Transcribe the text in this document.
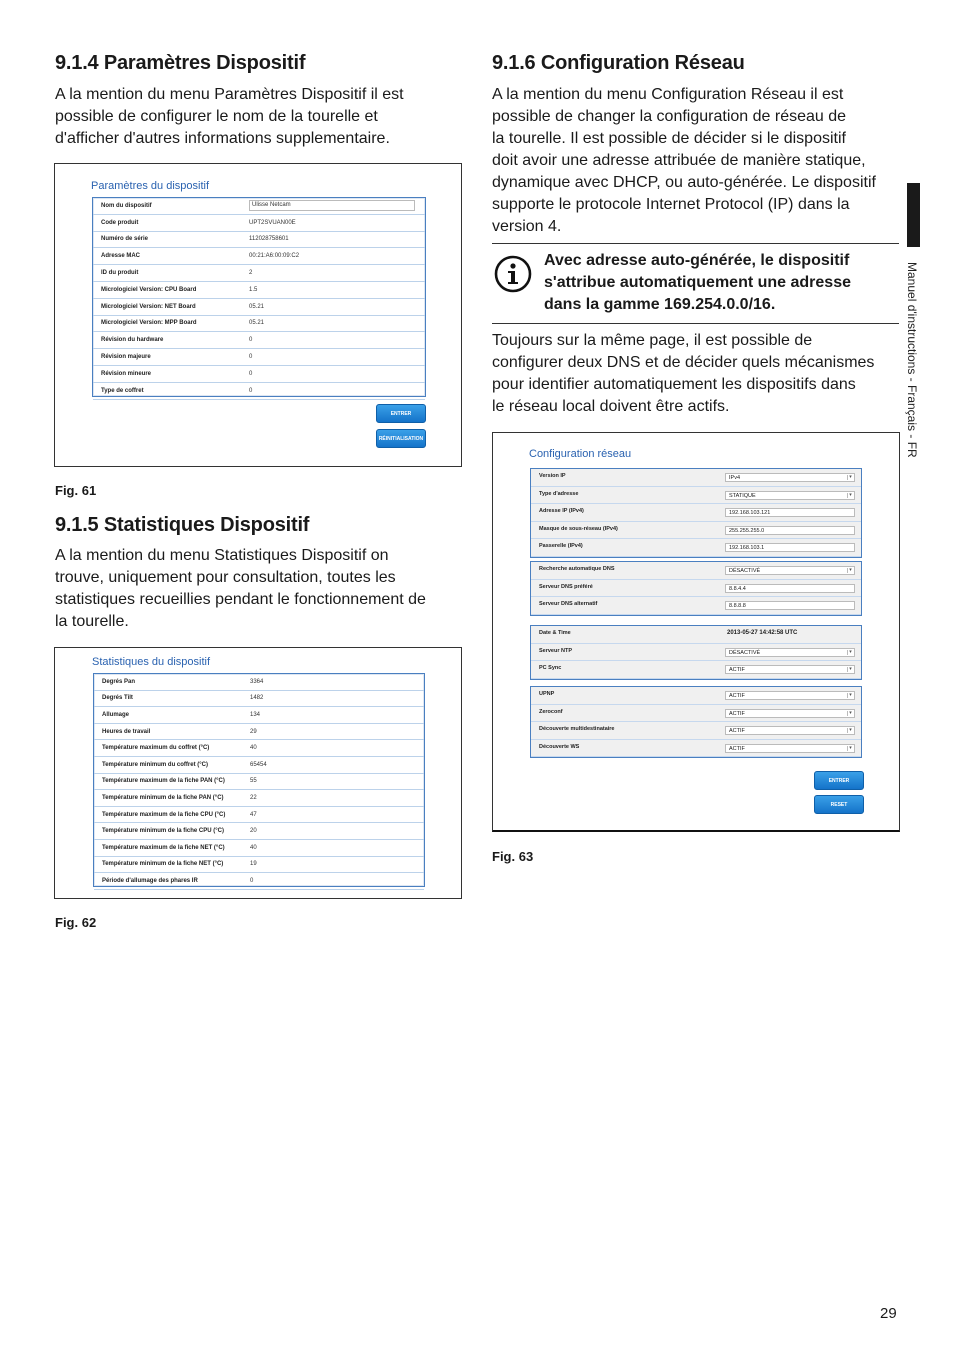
9.1.4 Paramètres Dispositif

A la mention du menu Paramètres Dispositif il est

possible de configurer le nom de la tourelle et

d'afficher d'autres informations supplementaire.

Paramètres du dispositif
Nom du dispositif	Ulisse Netcam
Code produit	UPT2SVUAN00E
Numéro de série	112028758601
Adresse MAC	00:21:A6:00:09:C2
ID du produit	2
Micrologiciel Version: CPU Board	1.5
Micrologiciel Version: NET Board	05.21
Micrologiciel Version: MPP Board	05.21
Révision du hardware	0
Révision majeure	0
Révision mineure	0
Type de coffret	0
ENTRER
RÉINITIALISATION
Fig. 61
9.1.5 Statistiques Dispositif

A la mention du menu Statistiques Dispositif on

trouve, uniquement pour consultation, toutes les

statistiques recueillies pendant le fonctionnement de

la tourelle.

Statistiques du dispositif
Degrés Pan	3364
Degrés Tilt	1482
Allumage	134
Heures de travail	29
Température maximum du coffret (°C)	40
Température minimum du coffret (°C)	65454
Température maximum de la fiche PAN (°C)	55
Température minimum de la fiche PAN (°C)	22
Température maximum de la fiche CPU (°C)	47
Température minimum de la fiche CPU (°C)	20
Température maximum de la fiche NET (°C)	40
Température minimum de la fiche NET (°C)	19
Période d'allumage des phares IR	0
Fig. 62
9.1.6 Configuration Réseau

A la mention du menu Configuration Réseau il est

possible de changer la configuration de réseau de

la tourelle. Il est possible de décider si le dispositif

doit avoir une adresse attribuée de manière statique,

dynamique avec DHCP, ou auto-générée. Le dispositif

supporte le protocole Internet Protocol (IP) dans la

version 4.

Avec adresse auto-générée, le dispositif

s'attribue automatiquement une adresse

dans la gamme 169.254.0.0/16.

Toujours sur la même page, il est possible de

configurer deux DNS et de décider quels mécanismes

pour identifier automatiquement les dispositifs dans

le réseau local doivent être actifs.

Configuration réseau
ENTRER
RESET
Version IP	IPv4	▾
Type d'adresse	STATIQUE	▾
Adresse IP (IPv4)	192.168.103.121
Masque de sous-réseau (IPv4)	255.255.255.0
Passerelle (IPv4)	192.168.103.1
Recherche automatique DNS	DÉSACTIVÉ	▾
Serveur DNS préféré	8.8.4.4
Serveur DNS alternatif	8.8.8.8
Date & Time	2013-05-27 14:42:58 UTC
Serveur NTP	DÉSACTIVÉ	▾
PC Sync	ACTIF	▾
UPNP	ACTIF	▾
Zeroconf	ACTIF	▾
Découverte multidestinataire	ACTIF	▾
Découverte WS	ACTIF	▾
Fig. 63
Manuel d'instructions - Français - FR
29
